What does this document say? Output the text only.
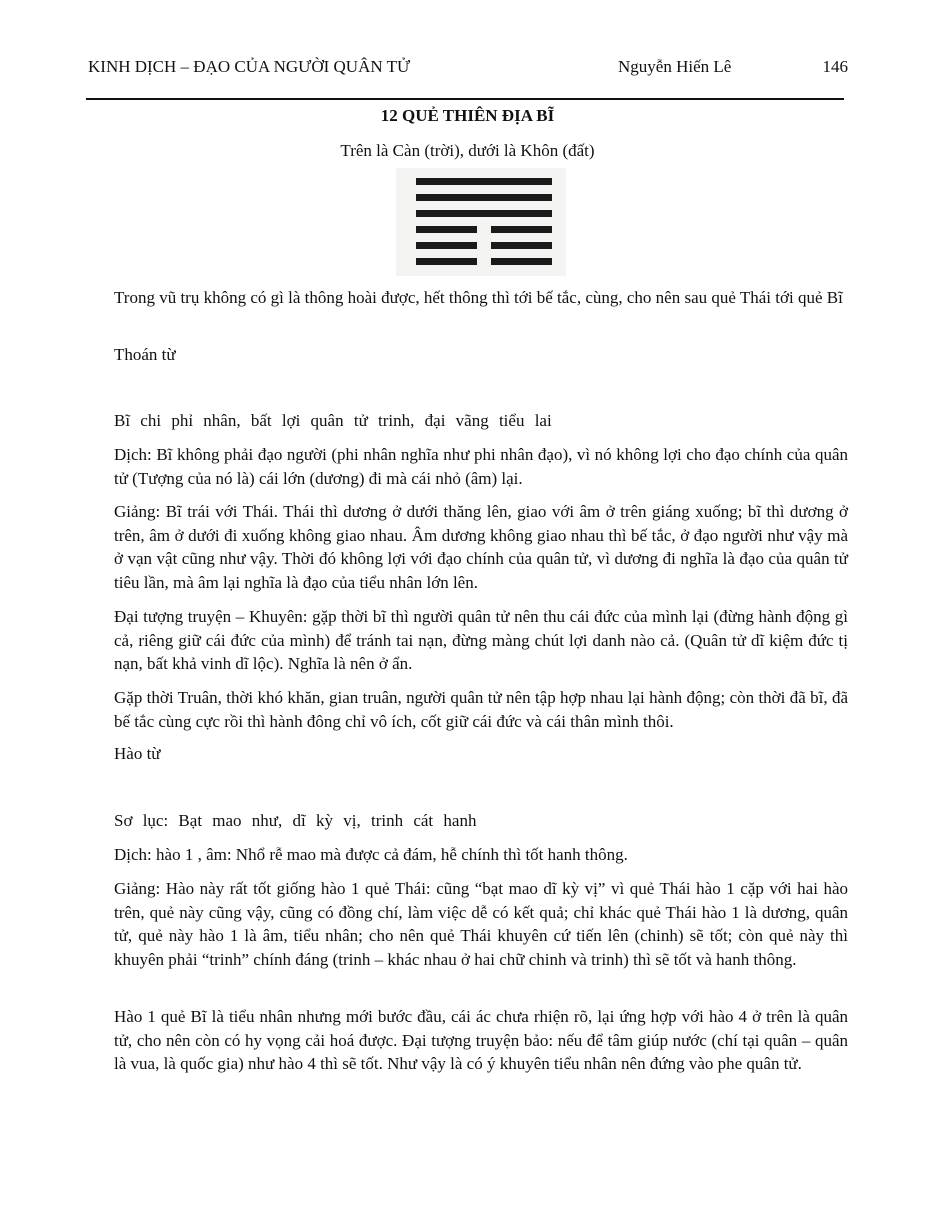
KINH DỊCH – ĐẠO CỦA NGƯỜI QUÂN TỬ	Nguyễn Hiến Lê	146
12 QUẺ THIÊN ĐỊA BĨ
Trên là Càn (trời), dưới là Khôn (đất)

Trong vũ trụ không có gì là thông hoài được, hết thông thì tới bế tắc, cùng, cho nên sau quẻ Thái tới quẻ Bĩ

Thoán từ

Bĩ chi phỉ nhân, bất lợi quân tử trinh, đại vãng tiểu lai

Dịch: Bĩ không phải đạo người (phi nhân nghĩa như phi nhân đạo), vì nó không lợi cho đạo chính của quân tử (Tượng của nó là) cái lớn (dương) đi mà cái nhỏ (âm) lại.

Giảng: Bĩ trái với Thái. Thái thì dương ở dưới thăng lên, giao với âm ở trên giáng xuống; bĩ thì dương ở trên, âm ở dưới đi xuống không giao nhau. Âm dương không giao nhau thì bế tắc, ở đạo người như vậy mà ở vạn vật cũng như vậy. Thời đó không lợi với đạo chính của quân tử, vì dương đi nghĩa là đạo của quân tử tiêu lần, mà âm lại nghĩa là đạo của tiểu nhân lớn lên.

Đại tượng truyện – Khuyên: gặp thời bĩ thì người quân tử nên thu cái đức của mình lại (đừng hành động gì cả, riêng giữ cái đức của mình) để tránh tai nạn, đừng màng chút lợi danh nào cả. (Quân tử dĩ kiệm đức tị nạn, bất khả vinh dĩ lộc). Nghĩa là nên ở ẩn.

Gặp thời Truân, thời khó khăn, gian truân, người quân tử nên tập hợp nhau lại hành động; còn thời đã bĩ, đã bế tắc cùng cực rồi thì hành đông chỉ vô ích, cốt giữ cái đức và cái thân mình thôi.

Hào từ

Sơ lục: Bạt mao như, dĩ kỳ vị, trinh cát hanh

Dịch: hào 1 , âm: Nhổ rễ mao mà được cả đám, hễ chính thì tốt hanh thông.

Giảng: Hào này rất tốt giống hào 1 quẻ Thái: cũng “bạt mao dĩ kỳ vị” vì quẻ Thái hào 1 cặp với hai hào trên, quẻ này cũng vậy, cũng có đồng chí, làm việc dễ có kết quả; chỉ khác quẻ Thái hào 1 là dương, quân tử, quẻ này hào 1 là âm, tiểu nhân; cho nên quẻ Thái khuyên cứ tiến lên (chinh) sẽ tốt; còn quẻ này thì khuyên phải “trinh” chính đáng (trinh – khác nhau ở hai chữ chinh và trinh) thì sẽ tốt và hanh thông.

Hào 1 quẻ Bĩ là tiểu nhân nhưng mới bước đầu, cái ác chưa rhiện rõ, lại ứng hợp với hào 4 ở trên là quân tử, cho nên còn có hy vọng cải hoá được. Đại tượng truyện bảo: nếu để tâm giúp nước (chí tại quân – quân là vua, là quốc gia) như hào 4 thì sẽ tốt. Như vậy là có ý khuyên tiểu nhân nên đứng vào phe quân tử.
